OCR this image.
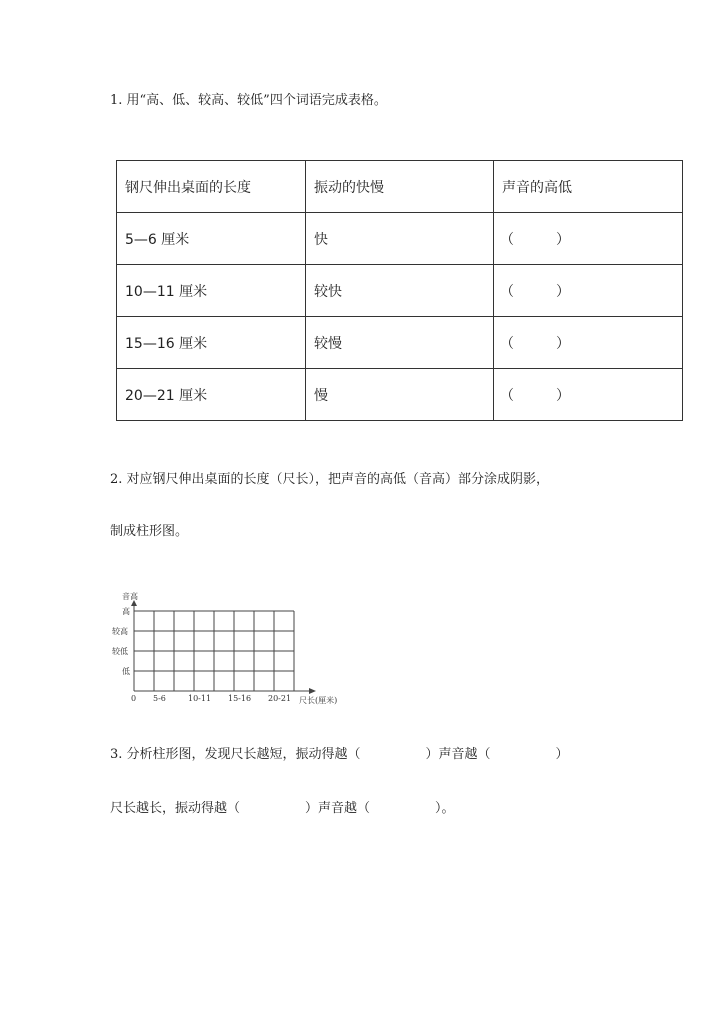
1. 用“高、低、较高、较低”四个词语完成表格。
钢尺伸出桌面的长度	振动的快慢	声音的高低
5—6 厘米	快	（　　　）
10—11 厘米	较快	（　　　）
15—16 厘米	较慢	（　　　）
20—21 厘米	慢	（　　　）
2. 对应钢尺伸出桌面的长度（尺长），把声音的高低（音高）部分涂成阴影，
制成柱形图。
音高
高
较高
较低
低
0 5-6	10-11 15-16 20-21 尺长(厘米)
3. 分析柱形图，发现尺长越短，振动得越（　　　　　）声音越（　　　　　）
尺长越长，振动得越（　　　　　）声音越（　　　　　）。
